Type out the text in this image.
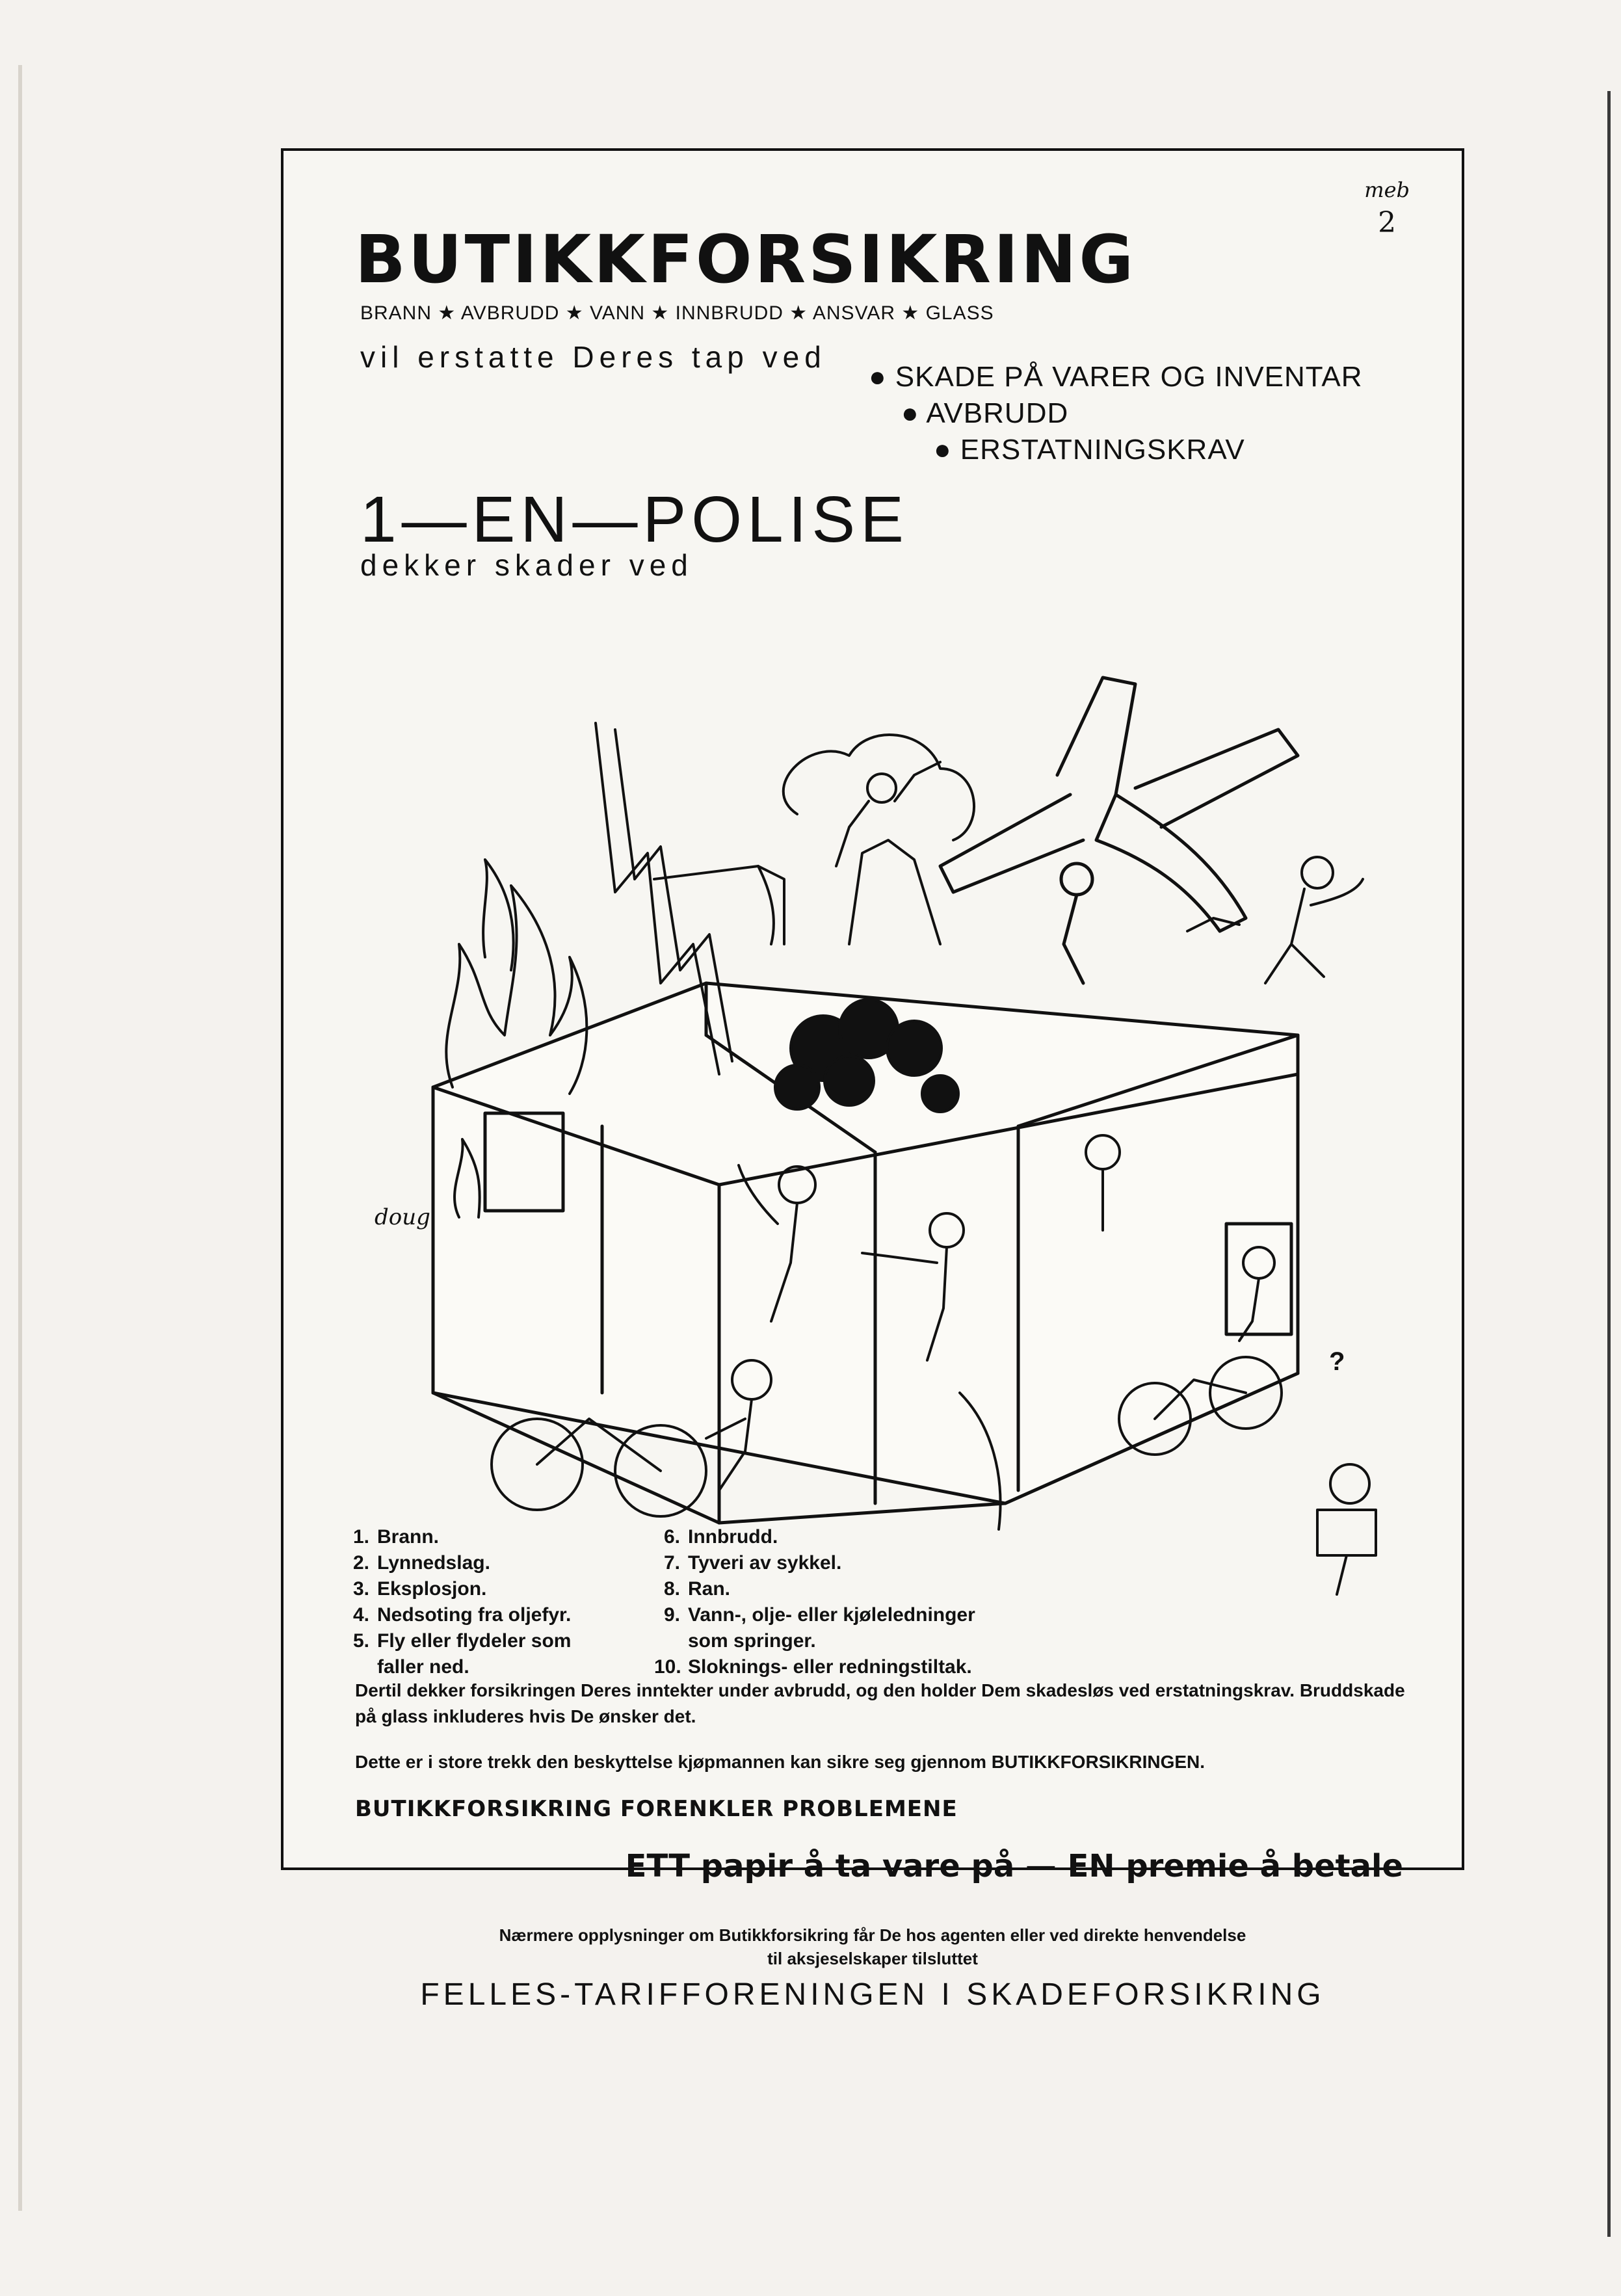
BUTIKKFORSIKRING
BRANN ★ AVBRUDD ★ VANN ★ INNBRUDD ★ ANSVAR ★ GLASS
meb
2
vil erstatte Deres tap ved
● SKADE PÅ VARER OG INVENTAR
● AVBRUDD
● ERSTATNINGSKRAV
1—EN—POLISE
dekker skader ved
doug
?
1. Brann.
2. Lynnedslag.
3. Eksplosjon.
4. Nedsoting fra oljefyr.
5. Fly eller flydeler som faller ned.
6. Innbrudd.
7. Tyveri av sykkel.
8. Ran.
9. Vann-, olje- eller kjøleledninger som springer.
10. Sloknings- eller redningstiltak.
Dertil dekker forsikringen Deres inntekter under avbrudd, og den holder Dem skadesløs ved erstatningskrav. Bruddskade på glass inkluderes hvis De ønsker det.
Dette er i store trekk den beskyttelse kjøpmannen kan sikre seg gjennom BUTIKKFORSIKRINGEN.
BUTIKKFORSIKRING FORENKLER PROBLEMENE
ETT papir å ta vare på — EN premie å betale
Nærmere opplysninger om Butikkforsikring får De hos agenten eller ved direkte henvendelse
til aksjeselskaper tilsluttet
FELLES-TARIFFORENINGEN I SKADEFORSIKRING
